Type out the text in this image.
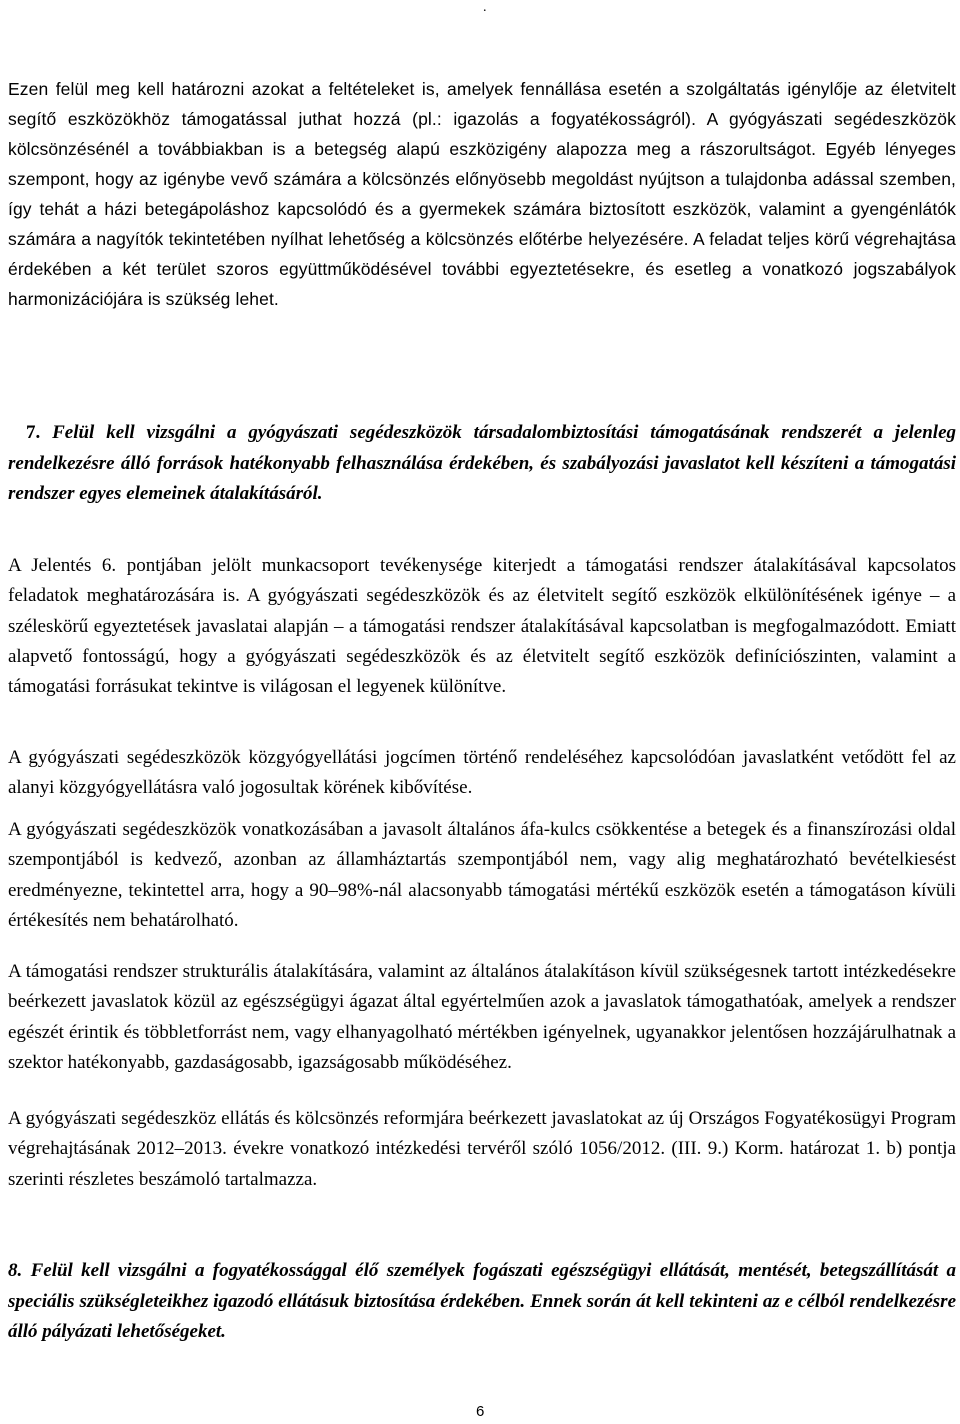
.

Ezen felül meg kell határozni azokat a feltételeket is, amelyek fennállása esetén a szolgáltatás igénylője az életvitelt segítő eszközökhöz támogatással juthat hozzá (pl.: igazolás a fogyatékosságról). A gyógyászati segédeszközök kölcsönzésénél a továbbiakban is a betegség alapú eszközigény alapozza meg a rászorultságot. Egyéb lényeges szempont, hogy az igénybe vevő számára a kölcsönzés előnyösebb megoldást nyújtson a tulajdonba adással szemben, így tehát a házi betegápoláshoz kapcsolódó és a gyermekek számára biztosított eszközök, valamint a gyengénlátók számára a nagyítók tekintetében nyílhat lehetőség a kölcsönzés előtérbe helyezésére. A feladat teljes körű végrehajtása érdekében a két terület szoros együttműködésével további egyeztetésekre, és esetleg a vonatkozó jogszabályok harmonizációjára is szükség lehet.

7. Felül kell vizsgálni a gyógyászati segédeszközök társadalombiztosítási támogatásának rendszerét a jelenleg rendelkezésre álló források hatékonyabb felhasználása érdekében, és szabályozási javaslatot kell készíteni a támogatási rendszer egyes elemeinek átalakításáról.

A Jelentés 6. pontjában jelölt munkacsoport tevékenysége kiterjedt a támogatási rendszer átalakításával kapcsolatos feladatok meghatározására is. A gyógyászati segédeszközök és az életvitelt segítő eszközök elkülönítésének igénye – a széleskörű egyeztetések javaslatai alapján – a támogatási rendszer átalakításával kapcsolatban is megfogalmazódott. Emiatt alapvető fontosságú, hogy a gyógyászati segédeszközök és az életvitelt segítő eszközök definíciószinten, valamint a támogatási forrásukat tekintve is világosan el legyenek különítve.

A gyógyászati segédeszközök közgyógyellátási jogcímen történő rendeléséhez kapcsolódóan javaslatként vetődött fel az alanyi közgyógyellátásra való jogosultak körének kibővítése.

A gyógyászati segédeszközök vonatkozásában a javasolt általános áfa-kulcs csökkentése a betegek és a finanszírozási oldal szempontjából is kedvező, azonban az államháztartás szempontjából nem, vagy alig meghatározható bevételkiesést eredményezne, tekintettel arra, hogy a 90–98%-nál alacsonyabb támogatási mértékű eszközök esetén a támogatáson kívüli értékesítés nem behatárolható.

A támogatási rendszer strukturális átalakítására, valamint az általános átalakításon kívül szükségesnek tartott intézkedésekre beérkezett javaslatok közül az egészségügyi ágazat által egyértelműen azok a javaslatok támogathatóak, amelyek a rendszer egészét érintik és többletforrást nem, vagy elhanyagolható mértékben igényelnek, ugyanakkor jelentősen hozzájárulhatnak a szektor hatékonyabb, gazdaságosabb, igazságosabb működéséhez.

A gyógyászati segédeszköz ellátás és kölcsönzés reformjára beérkezett javaslatokat az új Országos Fogyatékosügyi Program végrehajtásának 2012–2013. évekre vonatkozó intézkedési tervéről szóló 1056/2012. (III. 9.) Korm. határozat 1. b) pontja szerinti részletes beszámoló tartalmazza.

8. Felül kell vizsgálni a fogyatékossággal élő személyek fogászati egészségügyi ellátását, mentését, betegszállítását a speciális szükségleteikhez igazodó ellátásuk biztosítása érdekében. Ennek során át kell tekinteni az e célból rendelkezésre álló pályázati lehetőségeket.

6
